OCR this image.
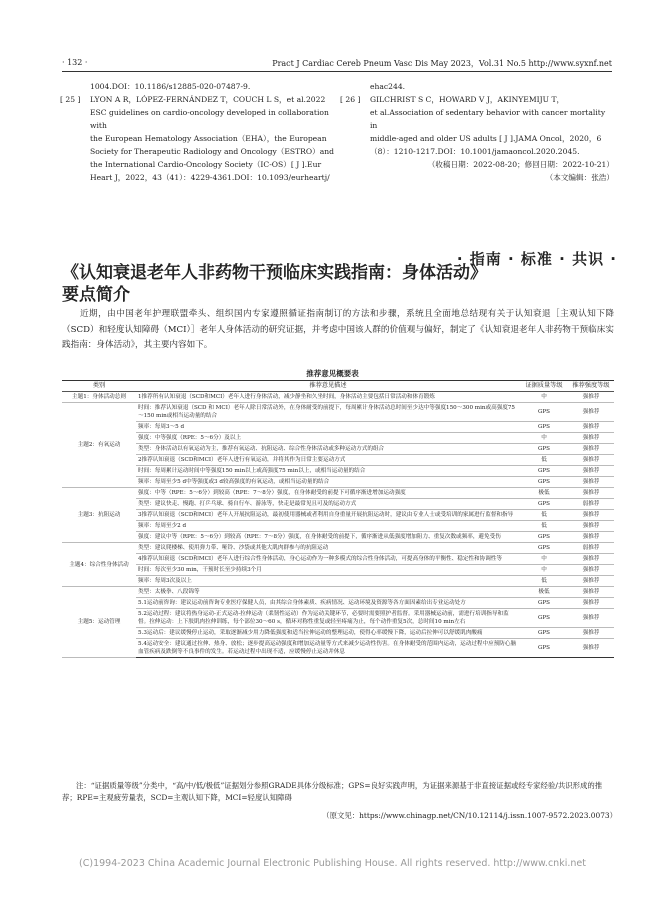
· 132 ·	Pract J Cardiac Cereb Pneum Vasc Dis May 2023，Vol.31 No.5 http://www.syxnf.net
1004.DOI：10.1186/s12885-020-07487-9.
[ 25 ] LYON A R，LÓPEZ-FERNÁNDEZ T，COUCH L S，et al.2022
ESC guidelines on cardio-oncology developed in collaboration with
the European Hematology Association（EHA），the European
Society for Therapeutic Radiology and Oncology（ESTRO）and
the International Cardio-Oncology Society（IC-OS）[ J ].Eur
Heart J，2022，43（41）：4229-4361.DOI：10.1093/eurheartj/
ehac244.
[ 26 ] GILCHRIST S C，HOWARD V J，AKINYEMIJU T，
et al.Association of sedentary behavior with cancer mortality in
middle-aged and older US adults [ J ].JAMA Oncol，2020，6
（8）：1210-1217.DOI：10.1001/jamaoncol.2020.2045.
（收稿日期：2022-08-20；修回日期：2022-10-21）
（本文编辑：张浩）
· 指南 · 标准 · 共识 ·
《认知衰退老年人非药物干预临床实践指南：身体活动》
要点简介
近期，由中国老年护理联盟牵头、组织国内专家遵照循证指南制订的方法和步骤，系统且全面地总结现有关于认知衰退［主观认知下降（SCD）和轻度认知障碍（MCI）］老年人身体活动的研究证据，并考虑中国该人群的价值观与偏好，制定了《认知衰退老年人非药物干预临床实践指南：身体活动》，其主要内容如下。
推荐意见概要表
类别	推荐意见描述	证据质量等级	推荐强度等级
主题1：身体活动总则	1推荐所有认知衰退（SCD和MCI）老年人进行身体活动，减少静坐和久坐时间，身体活动主要包括日常活动和体育锻炼	中	强推荐
主题2：有氧运动	时间：推荐认知衰退（SCD 和 MCI）老年人除日常活动外，在身体耐受的前提下，每周累计身体活动总时间至少达中等强度150～300 min或高强度75～150 min或相当运动量的结合	GPS	强推荐
	频率：每周3～5 d	GPS	强推荐
	强度：中等强度（RPE：5～6分）及以上	中	强推荐
	类型：身体活动以有氧运动为主，推荐有氧运动、抗阻运动、综合性身体活动或多种运动方式的组合	GPS	强推荐
	2推荐认知衰退（SCD和MCI）老年人进行有氧运动，并将其作为日常主要运动方式	低	强推荐
	时间：每周累计运动时间中等强度150 min以上或高强度75 min以上，或相当运动量的结合	GPS	强推荐
	频率：每周至少5 d中等强度或3 d较高强度的有氧运动，或相当运动量的结合	GPS	强推荐
主题3：抗阻运动	强度：中等（RPE：5～6分）到较高（RPE：7～8分）强度，在身体耐受的前提下可循序渐进增加运动强度	极低	强推荐
	类型：建议快走、慢跑、打乒乓球、骑自行车、游泳等，快走是最常见且可及的运动方式	GPS	弱推荐
	3推荐认知衰退（SCD和MCI）老年人开展抗阻运动，最初使用器械或者利用自身重量开展抗阻运动时，建议由专业人士或受培训的家属进行监督和指导	低	强推荐
	频率：每周至少2 d	低	强推荐
	强度：建议中等（RPE：5～6分）到较高（RPE：7～8分）强度，在身体耐受的前提下，循序渐进从低强度增加阻力、重复次数或频率，避免受伤	GPS	强推荐
主题4：综合性身体活动	类型：建议爬楼梯、使用弹力带、哑铃、沙袋或其他大肌肉群参与的抗阻运动	GPS	弱推荐
	4推荐认知衰退（SCD和MCI）老年人进行综合性身体活动，身心运动作为一种多模式的综合性身体活动，可提高身体的平衡性、稳定性和协调性等	中	强推荐
	时间：每次至少30 min，干预时长至少持续3个月	中	强推荐
	频率：每周3次及以上	低	强推荐
主题5：运动管理	类型：太极拳、八段锦等	极低	强推荐
	5.1运动前咨询：建议运动前咨询专业医疗保健人员，由其综合身体素质、疾病情况、运动环境及资源等各方面因素给出专业运动处方	GPS	强推荐
	5.2运动过程：建议将热身运动-正式运动-拉伸运动（柔韧性运动）作为运动关键环节，必要时需要照护者监督。采用器械运动前，需进行培训指导和监督。拉伸运动：上下肢肌肉拉伸训练，每个部位30～60 s，循环对称性重复或轻至疼痛为止，每个动作重复5次，总时间10 min左右	GPS	强推荐
	5.3运动后：建议缓慢停止运动，采取逐渐减少用力降低强度和适当拉伸运动的整理运动，使得心率缓慢下降，运动后拉伸可以舒缓肌肉酸痛	GPS	强推荐
	5.4运动安全：建议通过拉伸、热身、放松；逐步提高运动强度和增加运动量等方式来减少运动性伤害。在身体耐受的范围内运动，运动过程中应预防心脑血管疾病及跌倒等不良事件的发生。若运动过程中出现不适，应缓慢停止运动并休息	GPS	强推荐
注：“证据质量等级”分类中，“高/中/低/极低”证据划分参照GRADE具体分级标准；GPS=良好实践声明，为证据来源基于非直接证据或经专家经验/共识形成的推荐；RPE=主观疲劳量表，SCD=主观认知下降，MCI=轻度认知障碍
（原文见：https://www.chinagp.net/CN/10.12114/j.issn.1007-9572.2023.0073）
(C)1994-2023 China Academic Journal Electronic Publishing House. All rights reserved. http://www.cnki.net
